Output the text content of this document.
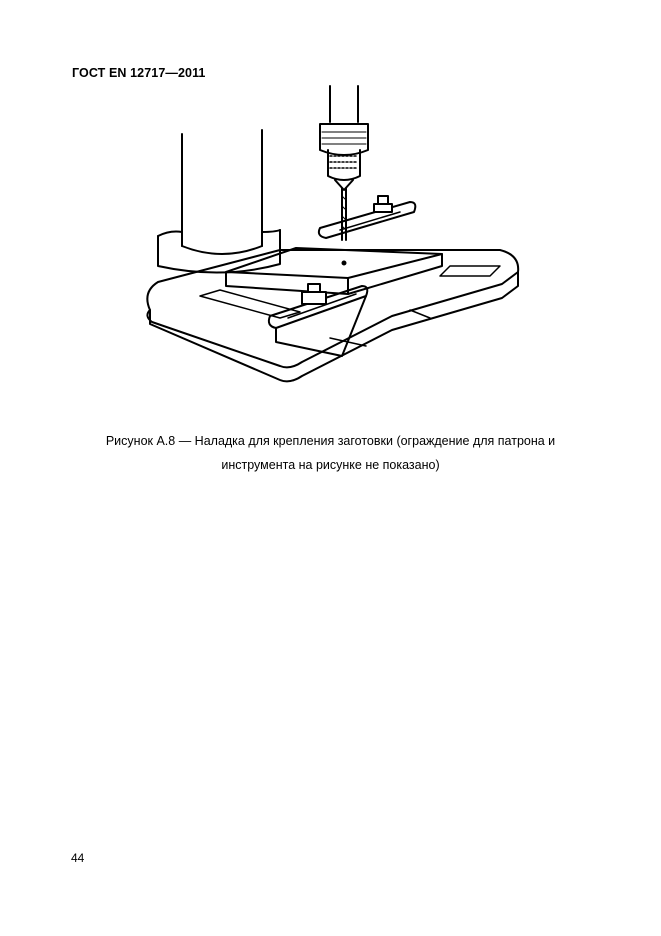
ГОСТ EN 12717—2011
Рисунок А.8 — Наладка для крепления заготовки (ограждение для патрона и
инструмента на рисунке не показано)
44
